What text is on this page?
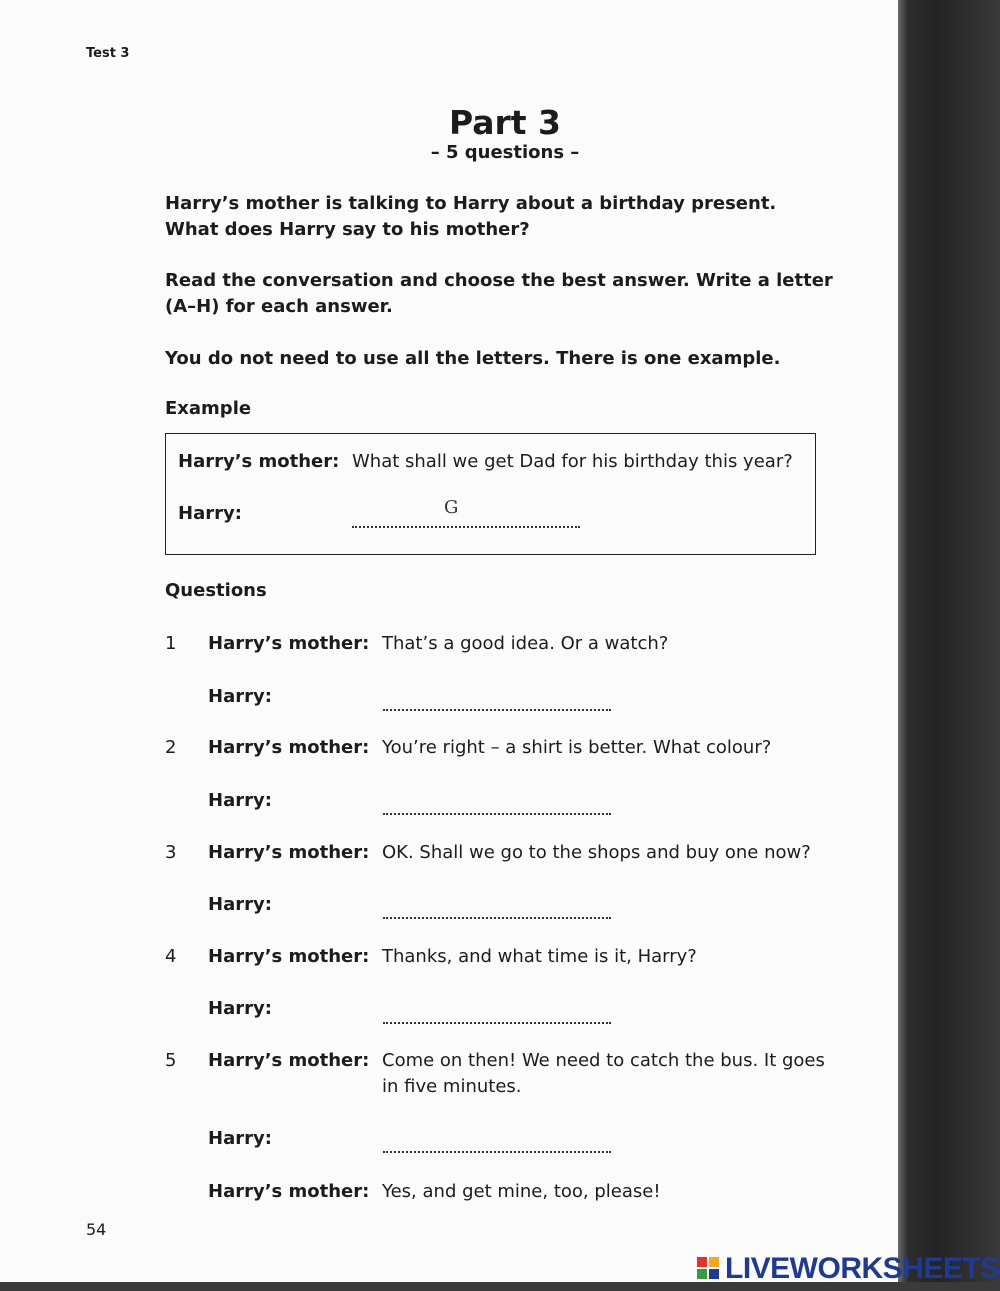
Test 3
Part 3
– 5 questions –
Harry’s mother is talking to Harry about a birthday present.
What does Harry say to his mother?
Read the conversation and choose the best answer. Write a letter
(A–H) for each answer.
You do not need to use all the letters. There is one example.
Example
Harry’s mother: What shall we get Dad for his birthday this year?
Harry:	G
Questions
1 Harry’s mother: That’s a good idea. Or a watch?
Harry:
2 Harry’s mother: You’re right – a shirt is better. What colour?
Harry:
3 Harry’s mother: OK. Shall we go to the shops and buy one now?
Harry:
4 Harry’s mother: Thanks, and what time is it, Harry?
Harry:
5 Harry’s mother: Come on then! We need to catch the bus. It goes
in five minutes.
Harry:
Harry’s mother: Yes, and get mine, too, please!
54
LIVEWORKSHEETS
